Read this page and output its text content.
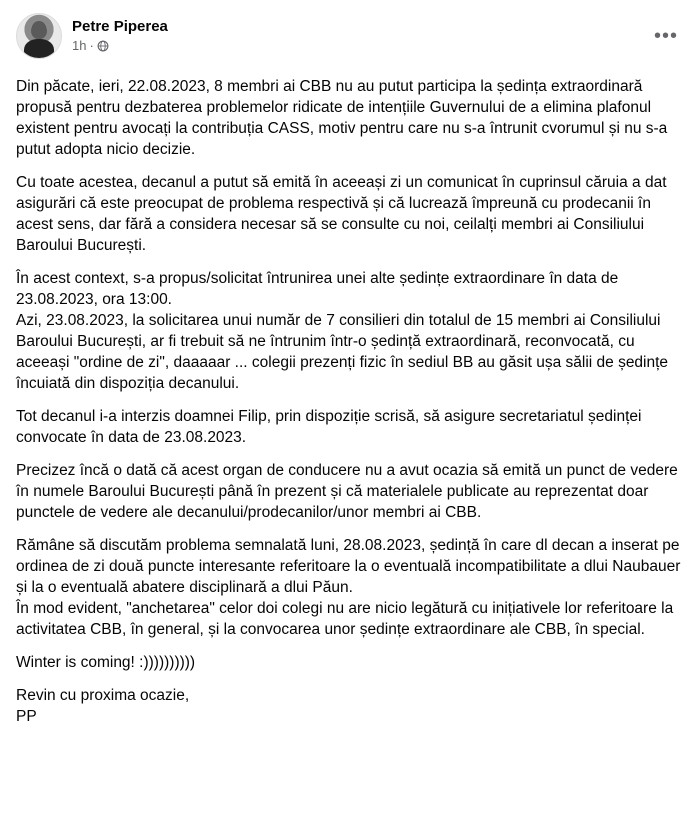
Petre Piperea
1h ·	•••

Din păcate, ieri, 22.08.2023, 8 membri ai CBB nu au putut participa la ședința extraordinară propusă pentru dezbaterea problemelor ridicate de intențiile Guvernului de a elimina plafonul existent pentru avocați la contribuția CASS, motiv pentru care nu s-a întrunit cvorumul și nu s-a putut adopta nicio decizie.

Cu toate acestea, decanul a putut să emită în aceeași zi un comunicat în cuprinsul căruia a dat asigurări că este preocupat de problema respectivă și că lucrează împreună cu prodecanii în acest sens, dar fără a considera necesar să se consulte cu noi, ceilalți membri ai Consiliului Baroului București.

În acest context, s-a propus/solicitat întrunirea unei alte ședințe extraordinare în data de 23.08.2023, ora 13:00.
Azi, 23.08.2023, la solicitarea unui număr de 7 consilieri din totalul de 15 membri ai Consiliului Baroului București, ar fi trebuit să ne întrunim într-o ședință extraordinară, reconvocată, cu aceeași "ordine de zi", daaaaar ... colegii prezenți fizic în sediul BB au găsit ușa sălii de ședințe încuiată din dispoziția decanului.

Tot decanul i-a interzis doamnei Filip, prin dispoziție scrisă, să asigure secretariatul ședinței convocate în data de 23.08.2023.

Precizez încă o dată că acest organ de conducere nu a avut ocazia să emită un punct de vedere în numele Baroului București până în prezent și că materialele publicate au reprezentat doar punctele de vedere ale decanului/prodecanilor/unor membri ai CBB.

Rămâne să discutăm problema semnalată luni, 28.08.2023, ședință în care dl decan a inserat pe ordinea de zi două puncte interesante referitoare la o eventuală incompatibilitate a dlui Naubauer și la o eventuală abatere disciplinară a dlui Păun.
În mod evident, "anchetarea" celor doi colegi nu are nicio legătură cu inițiativele lor referitoare la activitatea CBB, în general, și la convocarea unor ședințe extraordinare ale CBB, în special.

Winter is coming! :))))))))))

Revin cu proxima ocazie,
PP
